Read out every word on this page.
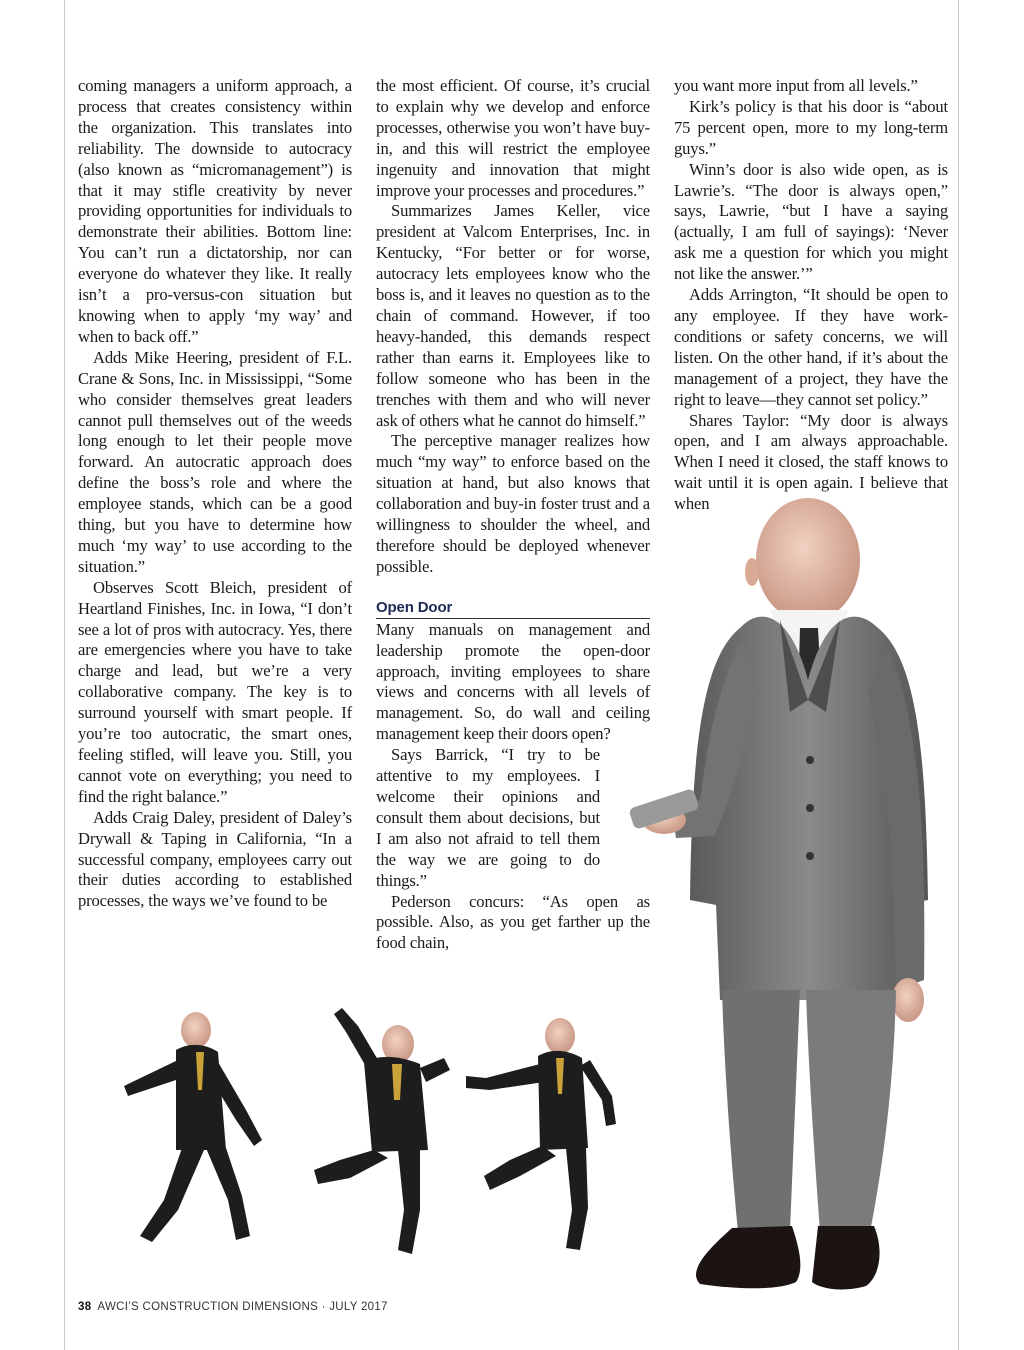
coming managers a uniform approach, a process that creates consistency within the organization. This translates into reliability. The downside to autocracy (also known as “micromanagement”) is that it may stifle creativity by never providing opportunities for individuals to demonstrate their abilities. Bottom line: You can’t run a dictatorship, nor can everyone do whatever they like. It really isn’t a pro-versus-con situation but knowing when to apply ‘my way’ and when to back off.”

Adds Mike Heering, president of F.L. Crane & Sons, Inc. in Mississippi, “Some who consider themselves great leaders cannot pull themselves out of the weeds long enough to let their people move forward. An autocratic approach does define the boss’s role and where the employee stands, which can be a good thing, but you have to determine how much ‘my way’ to use according to the situation.”

Observes Scott Bleich, president of Heartland Finishes, Inc. in Iowa, “I don’t see a lot of pros with autocracy. Yes, there are emergencies where you have to take charge and lead, but we’re a very collaborative company. The key is to surround yourself with smart people. If you’re too autocratic, the smart ones, feeling stifled, will leave you. Still, you cannot vote on everything; you need to find the right balance.”

Adds Craig Daley, president of Daley’s Drywall & Taping in California, “In a successful company, employees carry out their duties according to established processes, the ways we’ve found to be

the most efficient. Of course, it’s crucial to explain why we develop and enforce processes, otherwise you won’t have buy-in, and this will restrict the employee ingenuity and innovation that might improve your processes and procedures.”

Summarizes James Keller, vice president at Valcom Enterprises, Inc. in Kentucky, “For better or for worse, autocracy lets employees know who the boss is, and it leaves no question as to the chain of command. However, if too heavy-handed, this demands respect rather than earns it. Employees like to follow someone who has been in the trenches with them and who will never ask of others what he cannot do himself.”

The perceptive manager realizes how much “my way” to enforce based on the situation at hand, but also knows that collaboration and buy-in foster trust and a willingness to shoulder the wheel, and therefore should be deployed whenever possible.

Open Door

Many manuals on management and leadership promote the open-door approach, inviting employees to share views and concerns with all levels of management. So, do wall and ceiling management keep their doors open?

Says Barrick, “I try to be attentive to my employees. I welcome their opinions and consult them about decisions, but I am also not afraid to tell them the way we are going to do things.”

Pederson concurs: “As open as possible. Also, as you get farther up the food chain,

you want more input from all levels.”

Kirk’s policy is that his door is “about 75 percent open, more to my long-term guys.”

Winn’s door is also wide open, as is Lawrie’s. “The door is always open,” says, Lawrie, “but I have a saying (actually, I am full of sayings): ‘Never ask me a question for which you might not like the answer.’”

Adds Arrington, “It should be open to any employee. If they have work-conditions or safety concerns, we will listen. On the other hand, if it’s about the management of a project, they have the right to leave—they cannot set policy.”

Shares Taylor: “My door is always open, and I am always approachable. When I need it closed, the staff knows to wait until it is open again. I believe that when

38 AWCI’S CONSTRUCTION DIMENSIONS · JULY 2017
